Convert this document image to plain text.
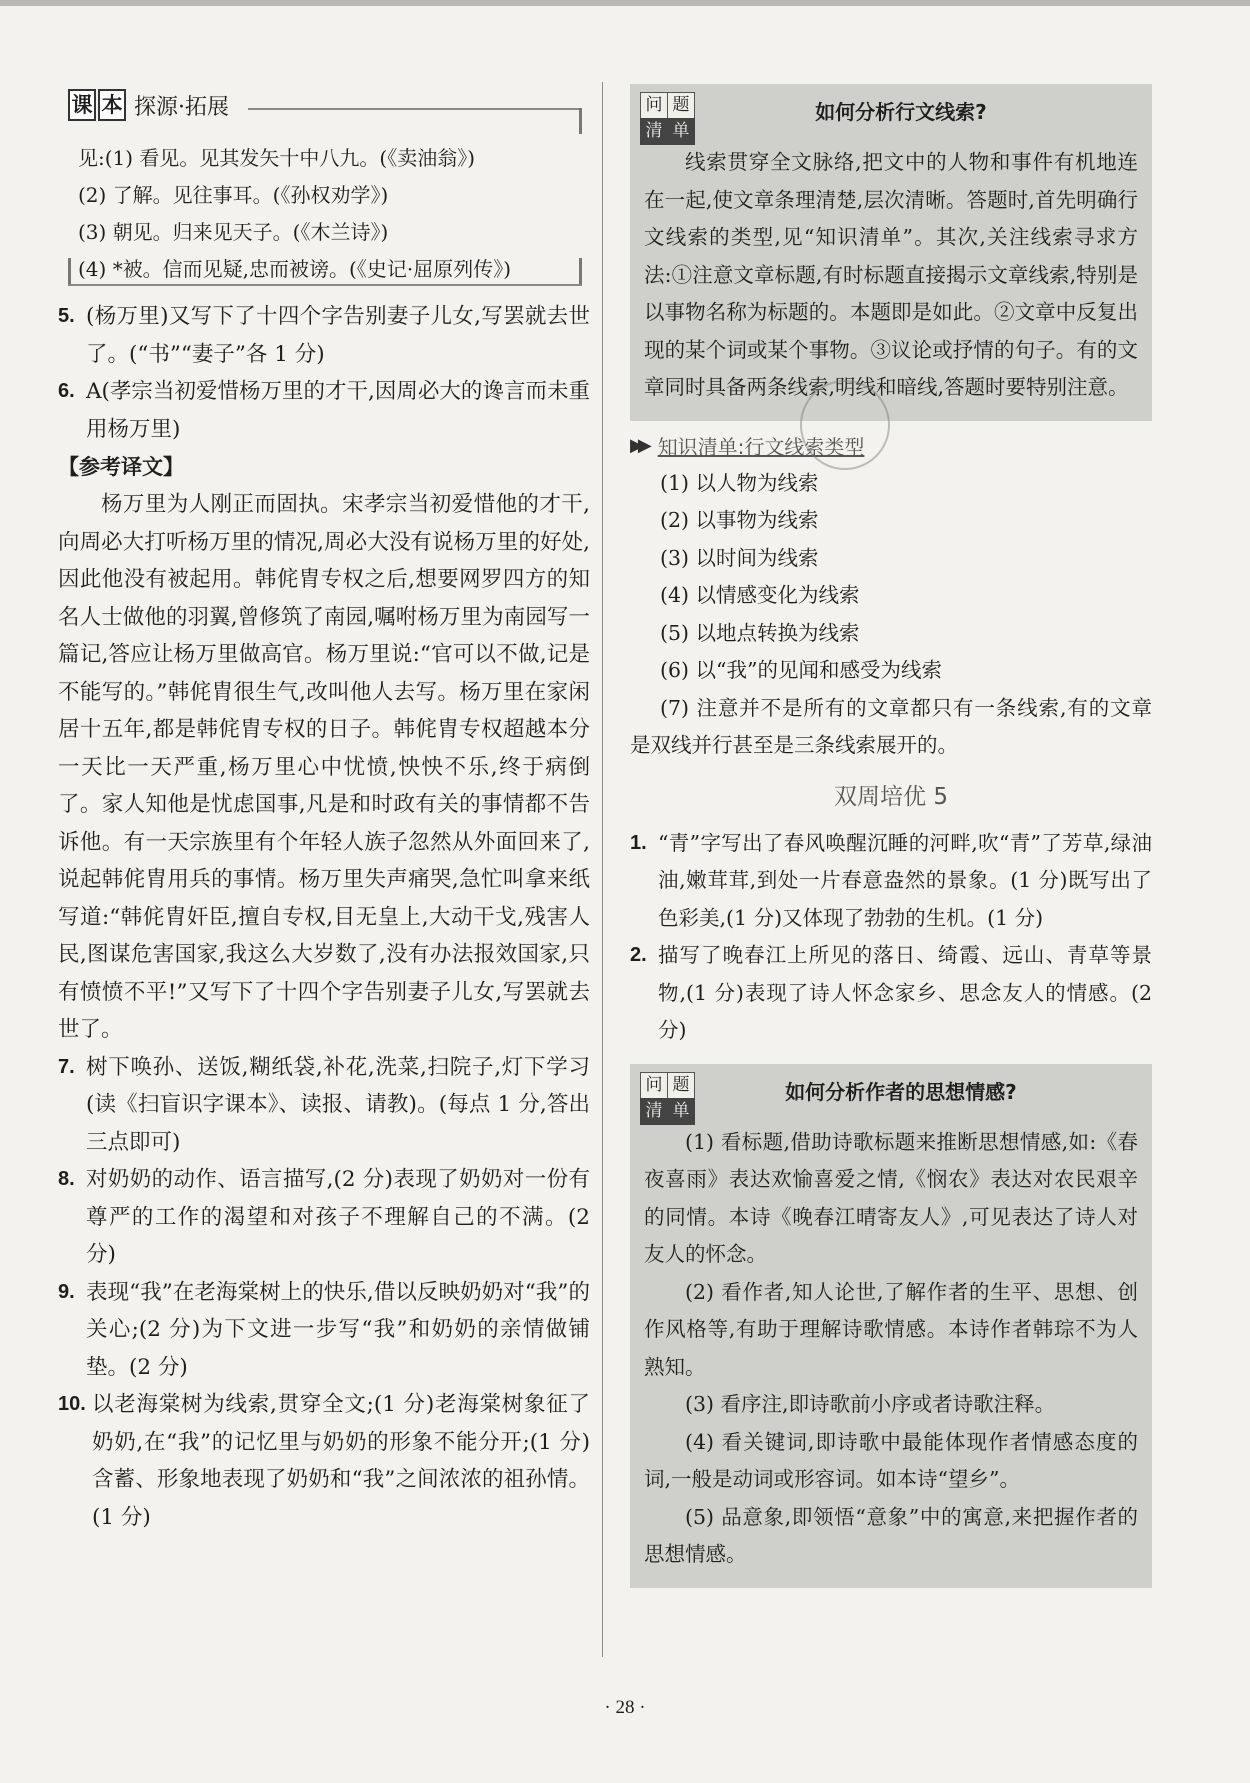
课 本 探源·拓展
见:(1) 看见。见其发矢十中八九。(《卖油翁》)
(2) 了解。见往事耳。(《孙权劝学》)
(3) 朝见。归来见天子。(《木兰诗》)
(4) *被。信而见疑,忠而被谤。(《史记·屈原列传》)
5. (杨万里)又写下了十四个字告别妻子儿女,写罢就去世了。(“书”“妻子”各 1 分)
6. A(孝宗当初爱惜杨万里的才干,因周必大的谗言而未重用杨万里)
【参考译文】
杨万里为人刚正而固执。宋孝宗当初爱惜他的才干,向周必大打听杨万里的情况,周必大没有说杨万里的好处,因此他没有被起用。韩侂胄专权之后,想要网罗四方的知名人士做他的羽翼,曾修筑了南园,嘱咐杨万里为南园写一篇记,答应让杨万里做高官。杨万里说:“官可以不做,记是不能写的。”韩侂胄很生气,改叫他人去写。杨万里在家闲居十五年,都是韩侂胄专权的日子。韩侂胄专权超越本分一天比一天严重,杨万里心中忧愤,怏怏不乐,终于病倒了。家人知他是忧虑国事,凡是和时政有关的事情都不告诉他。有一天宗族里有个年轻人族子忽然从外面回来了,说起韩侂胄用兵的事情。杨万里失声痛哭,急忙叫拿来纸写道:“韩侂胄奸臣,擅自专权,目无皇上,大动干戈,残害人民,图谋危害国家,我这么大岁数了,没有办法报效国家,只有愤愤不平!”又写下了十四个字告别妻子儿女,写罢就去世了。
7. 树下唤孙、送饭,糊纸袋,补花,洗菜,扫院子,灯下学习(读《扫盲识字课本》、读报、请教)。(每点 1 分,答出三点即可)
8. 对奶奶的动作、语言描写,(2 分)表现了奶奶对一份有尊严的工作的渴望和对孩子不理解自己的不满。(2 分)
9. 表现“我”在老海棠树上的快乐,借以反映奶奶对“我”的关心;(2 分)为下文进一步写“我”和奶奶的亲情做铺垫。(2 分)
10. 以老海棠树为线索,贯穿全文;(1 分)老海棠树象征了奶奶,在“我”的记忆里与奶奶的形象不能分开;(1 分)含蓄、形象地表现了奶奶和“我”之间浓浓的祖孙情。(1 分)
问 题
清 单
如何分析行文线索?
线索贯穿全文脉络,把文中的人物和事件有机地连在一起,使文章条理清楚,层次清晰。答题时,首先明确行文线索的类型,见“知识清单”。其次,关注线索寻求方法:①注意文章标题,有时标题直接揭示文章线索,特别是以事物名称为标题的。本题即是如此。②文章中反复出现的某个词或某个事物。③议论或抒情的句子。有的文章同时具备两条线索,明线和暗线,答题时要特别注意。
▶▶ 知识清单:行文线索类型
(1) 以人物为线索
(2) 以事物为线索
(3) 以时间为线索
(4) 以情感变化为线索
(5) 以地点转换为线索
(6) 以“我”的见闻和感受为线索
(7) 注意并不是所有的文章都只有一条线索,有的文章是双线并行甚至是三条线索展开的。
双周培优 5
1. “青”字写出了春风唤醒沉睡的河畔,吹“青”了芳草,绿油油,嫩茸茸,到处一片春意盎然的景象。(1 分)既写出了色彩美,(1 分)又体现了勃勃的生机。(1 分)
2. 描写了晚春江上所见的落日、绮霞、远山、青草等景物,(1 分)表现了诗人怀念家乡、思念友人的情感。(2 分)
问 题
清 单
如何分析作者的思想情感?
(1) 看标题,借助诗歌标题来推断思想情感,如:《春夜喜雨》表达欢愉喜爱之情,《悯农》表达对农民艰辛的同情。本诗《晚春江晴寄友人》,可见表达了诗人对友人的怀念。
(2) 看作者,知人论世,了解作者的生平、思想、创作风格等,有助于理解诗歌情感。本诗作者韩琮不为人熟知。
(3) 看序注,即诗歌前小序或者诗歌注释。
(4) 看关键词,即诗歌中最能体现作者情感态度的词,一般是动词或形容词。如本诗“望乡”。
(5) 品意象,即领悟“意象”中的寓意,来把握作者的思想情感。
· 28 ·
